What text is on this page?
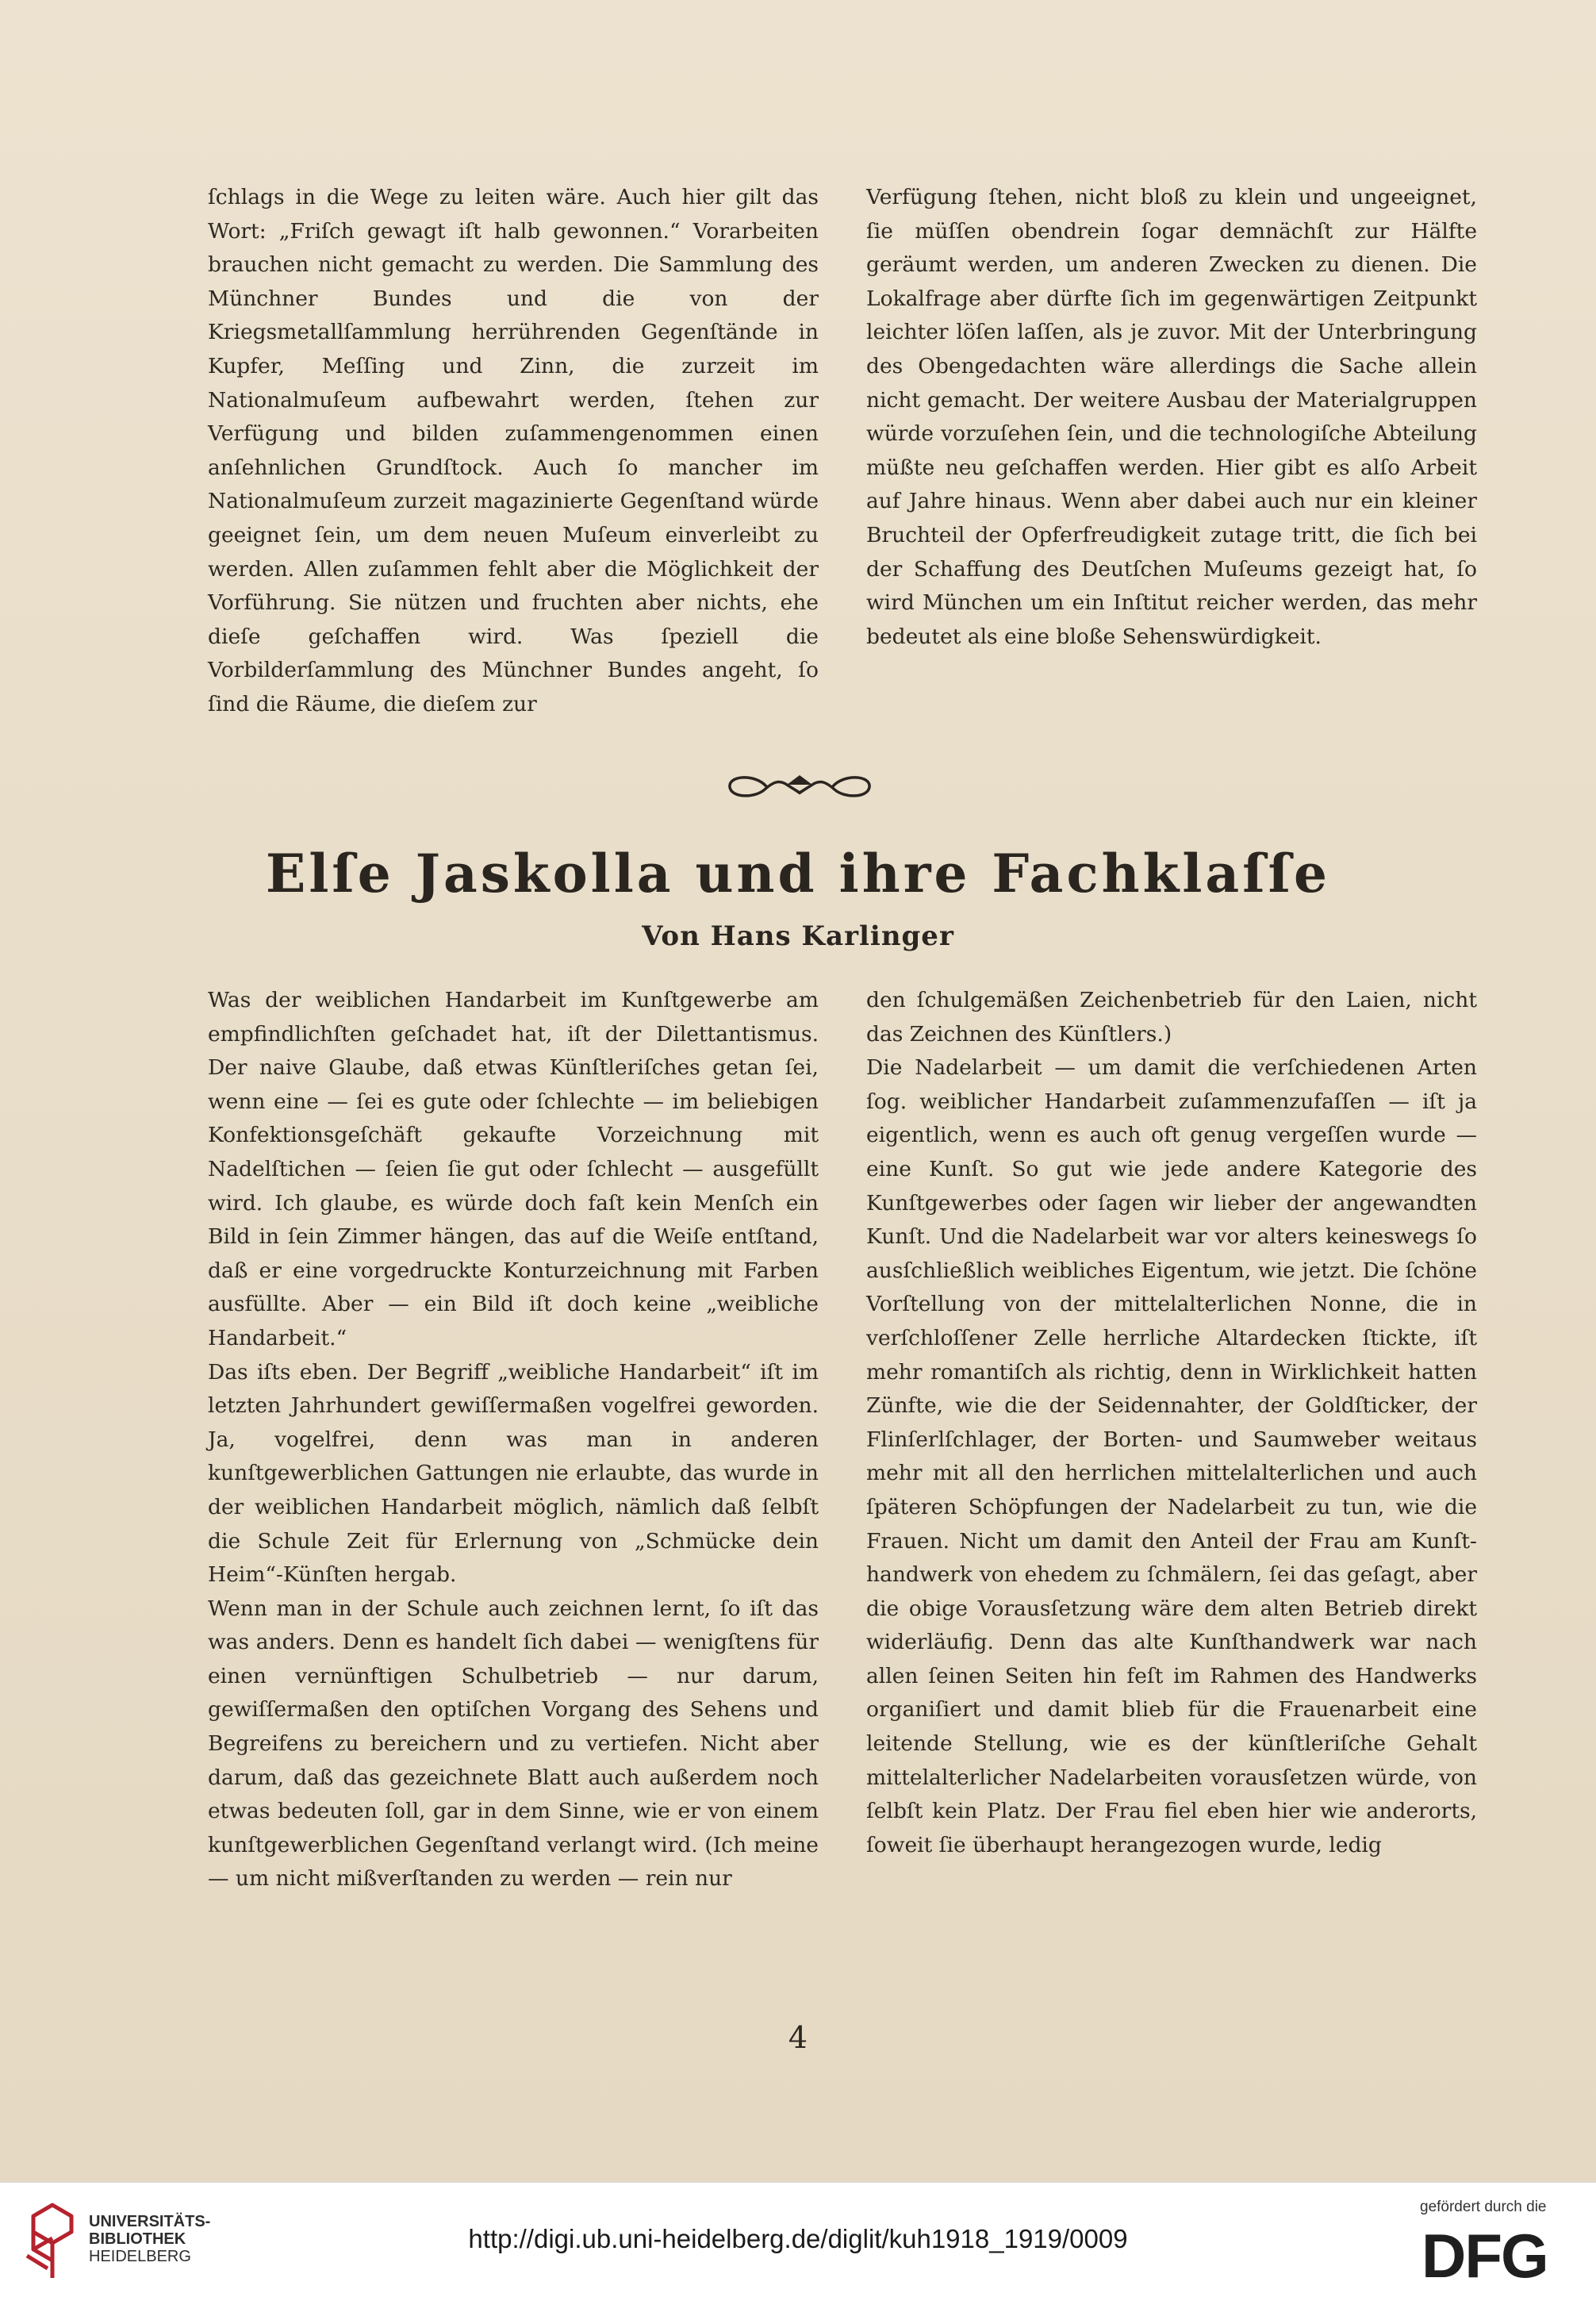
ſchlags in die Wege zu leiten wäre. Auch hier gilt das Wort: „Friſch gewagt iſt halb gewonnen.“ Vorarbeiten brauchen nicht gemacht zu werden. Die Sammlung des Münchner Bundes und die von der Kriegsmetallſammlung herrührenden Gegenſtände in Kupfer, Meſſing und Zinn, die zurzeit im Nationalmuſeum aufbewahrt werden, ſtehen zur Verfügung und bilden zuſammengenommen einen anſehnlichen Grundſtock. Auch ſo mancher im Nationalmuſeum zurzeit magazinierte Gegenſtand würde geeignet ſein, um dem neuen Muſeum einverleibt zu werden. Allen zuſammen fehlt aber die Möglichkeit der Vorführung. Sie nützen und fruchten aber nichts, ehe dieſe geſchaffen wird. Was ſpeziell die Vorbilderſammlung des Münchner Bundes angeht, ſo ſind die Räume, die dieſem zur

Verfügung ſtehen, nicht bloß zu klein und ungeeignet, ſie müſſen obendrein ſogar demnächſt zur Hälfte geräumt werden, um anderen Zwecken zu dienen. Die Lokalfrage aber dürfte ſich im gegenwärtigen Zeitpunkt leichter löſen laſſen, als je zuvor. Mit der Unterbringung des Obengedachten wäre allerdings die Sache allein nicht gemacht. Der weitere Ausbau der Materialgruppen würde vorzuſehen ſein, und die technologiſche Abteilung müßte neu geſchaffen werden. Hier gibt es alſo Arbeit auf Jahre hinaus. Wenn aber dabei auch nur ein kleiner Bruchteil der Opferfreudigkeit zutage tritt, die ſich bei der Schaffung des Deutſchen Muſeums gezeigt hat, ſo wird München um ein Inſtitut reicher werden, das mehr bedeutet als eine bloße Sehenswürdigkeit.

Elſe Jaskolla und ihre Fachklaſſe
Von Hans Karlinger

Was der weiblichen Handarbeit im Kunſtgewerbe am empfindlichſten geſchadet hat, iſt der Dilettantismus. Der naive Glaube, daß etwas Künſtleriſches getan ſei, wenn eine — ſei es gute oder ſchlechte — im beliebigen Konfektionsgeſchäft gekaufte Vorzeichnung mit Nadelſtichen — ſeien ſie gut oder ſchlecht — ausgefüllt wird. Ich glaube, es würde doch faſt kein Menſch ein Bild in ſein Zimmer hängen, das auf die Weiſe entſtand, daß er eine vorgedruckte Konturzeichnung mit Farben ausfüllte. Aber — ein Bild iſt doch keine „weibliche Handarbeit.“

Das iſts eben. Der Begriff „weibliche Handarbeit“ iſt im letzten Jahrhundert gewiſſermaßen vogelfrei geworden. Ja, vogelfrei, denn was man in anderen kunſtgewerblichen Gattungen nie erlaubte, das wurde in der weiblichen Handarbeit möglich, nämlich daß ſelbſt die Schule Zeit für Erlernung von „Schmücke dein Heim“-Künſten hergab.

Wenn man in der Schule auch zeichnen lernt, ſo iſt das was anders. Denn es handelt ſich dabei — wenigſtens für einen vernünftigen Schulbetrieb — nur darum, gewiſſermaßen den optiſchen Vorgang des Sehens und Begreifens zu bereichern und zu vertiefen. Nicht aber darum, daß das gezeichnete Blatt auch außerdem noch etwas bedeuten ſoll, gar in dem Sinne, wie er von einem kunſtgewerblichen Gegenſtand verlangt wird. (Ich meine — um nicht mißverſtanden zu werden — rein nur

den ſchulgemäßen Zeichenbetrieb für den Laien, nicht das Zeichnen des Künſtlers.)

Die Nadelarbeit — um damit die verſchiedenen Arten ſog. weiblicher Handarbeit zuſammenzufaſſen — iſt ja eigentlich, wenn es auch oft genug vergeſſen wurde — eine Kunſt. So gut wie jede andere Kategorie des Kunſtgewerbes oder ſagen wir lieber der angewandten Kunſt. Und die Nadelarbeit war vor alters keineswegs ſo ausſchließlich weibliches Eigentum, wie jetzt. Die ſchöne Vorſtellung von der mittelalterlichen Nonne, die in verſchloſſener Zelle herrliche Altardecken ſtickte, iſt mehr romantiſch als richtig, denn in Wirklichkeit hatten Zünfte, wie die der Seidennahter, der Goldſticker, der Flinſerlſchlager, der Borten- und Saumweber weitaus mehr mit all den herrlichen mittelalterlichen und auch ſpäteren Schöpfungen der Nadelarbeit zu tun, wie die Frauen. Nicht um damit den Anteil der Frau am Kunſthandwerk von ehedem zu ſchmälern, ſei das geſagt, aber die obige Vorausſetzung wäre dem alten Betrieb direkt widerläufig. Denn das alte Kunſthandwerk war nach allen ſeinen Seiten hin feſt im Rahmen des Handwerks organiſiert und damit blieb für die Frauenarbeit eine leitende Stellung, wie es der künſtleriſche Gehalt mittelalterlicher Nadelarbeiten vorausſetzen würde, von ſelbſt kein Platz. Der Frau fiel eben hier wie anderorts, ſoweit ſie überhaupt herangezogen wurde, ledig

4
UNIVERSITÄTS-
BIBLIOTHEK
HEIDELBERG
http://digi.ub.uni-heidelberg.de/diglit/kuh1918_1919/0009
gefördert durch die
DFG
